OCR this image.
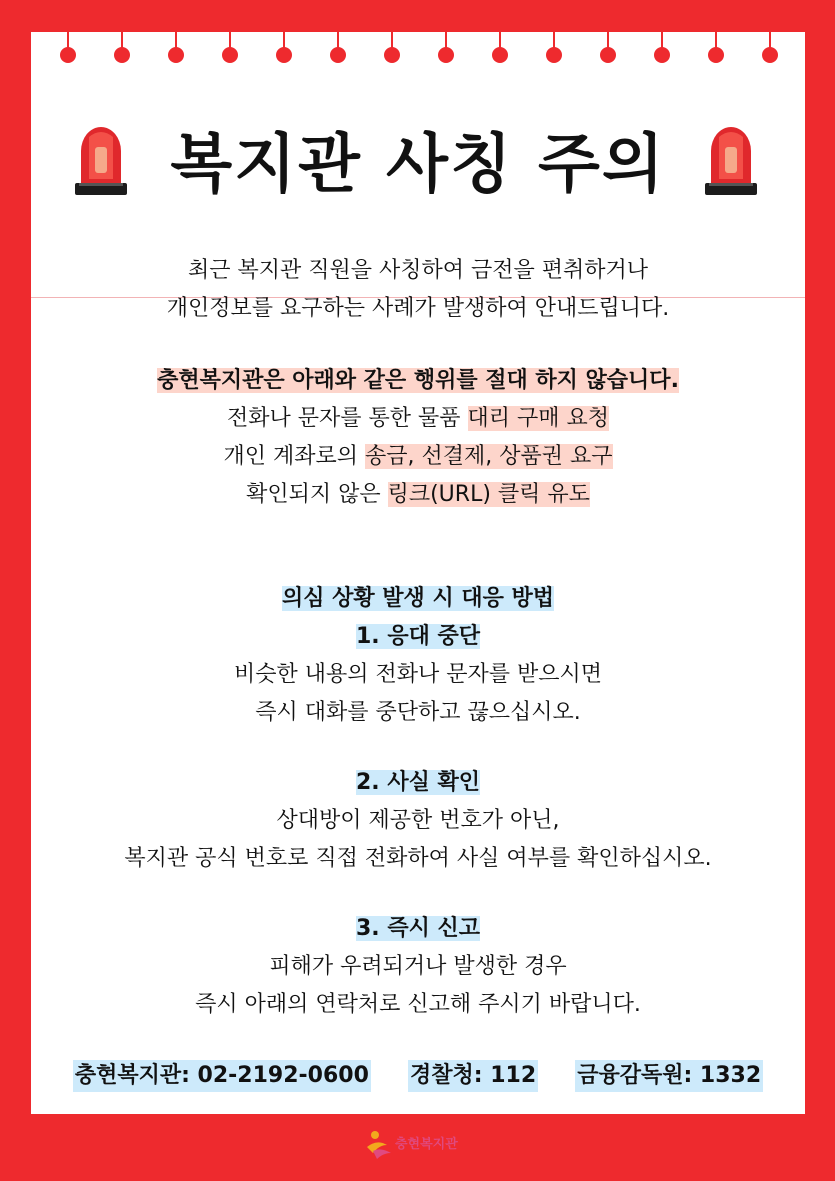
복지관 사칭 주의
최근 복지관 직원을 사칭하여 금전을 편취하거나
개인정보를 요구하는 사례가 발생하여 안내드립니다.
충현복지관은 아래와 같은 행위를 절대 하지 않습니다.
전화나 문자를 통한 물품 대리 구매 요청
개인 계좌로의 송금, 선결제, 상품권 요구
확인되지 않은 링크(URL) 클릭 유도
의심 상황 발생 시 대응 방법
1. 응대 중단
비슷한 내용의 전화나 문자를 받으시면
즉시 대화를 중단하고 끊으십시오.
2. 사실 확인
상대방이 제공한 번호가 아닌,
복지관 공식 번호로 직접 전화하여 사실 여부를 확인하십시오.
3. 즉시 신고
피해가 우려되거나 발생한 경우
즉시 아래의 연락처로 신고해 주시기 바랍니다.
충현복지관: 02-2192-0600 경찰청: 112 금융감독원: 1332
충현복지관
